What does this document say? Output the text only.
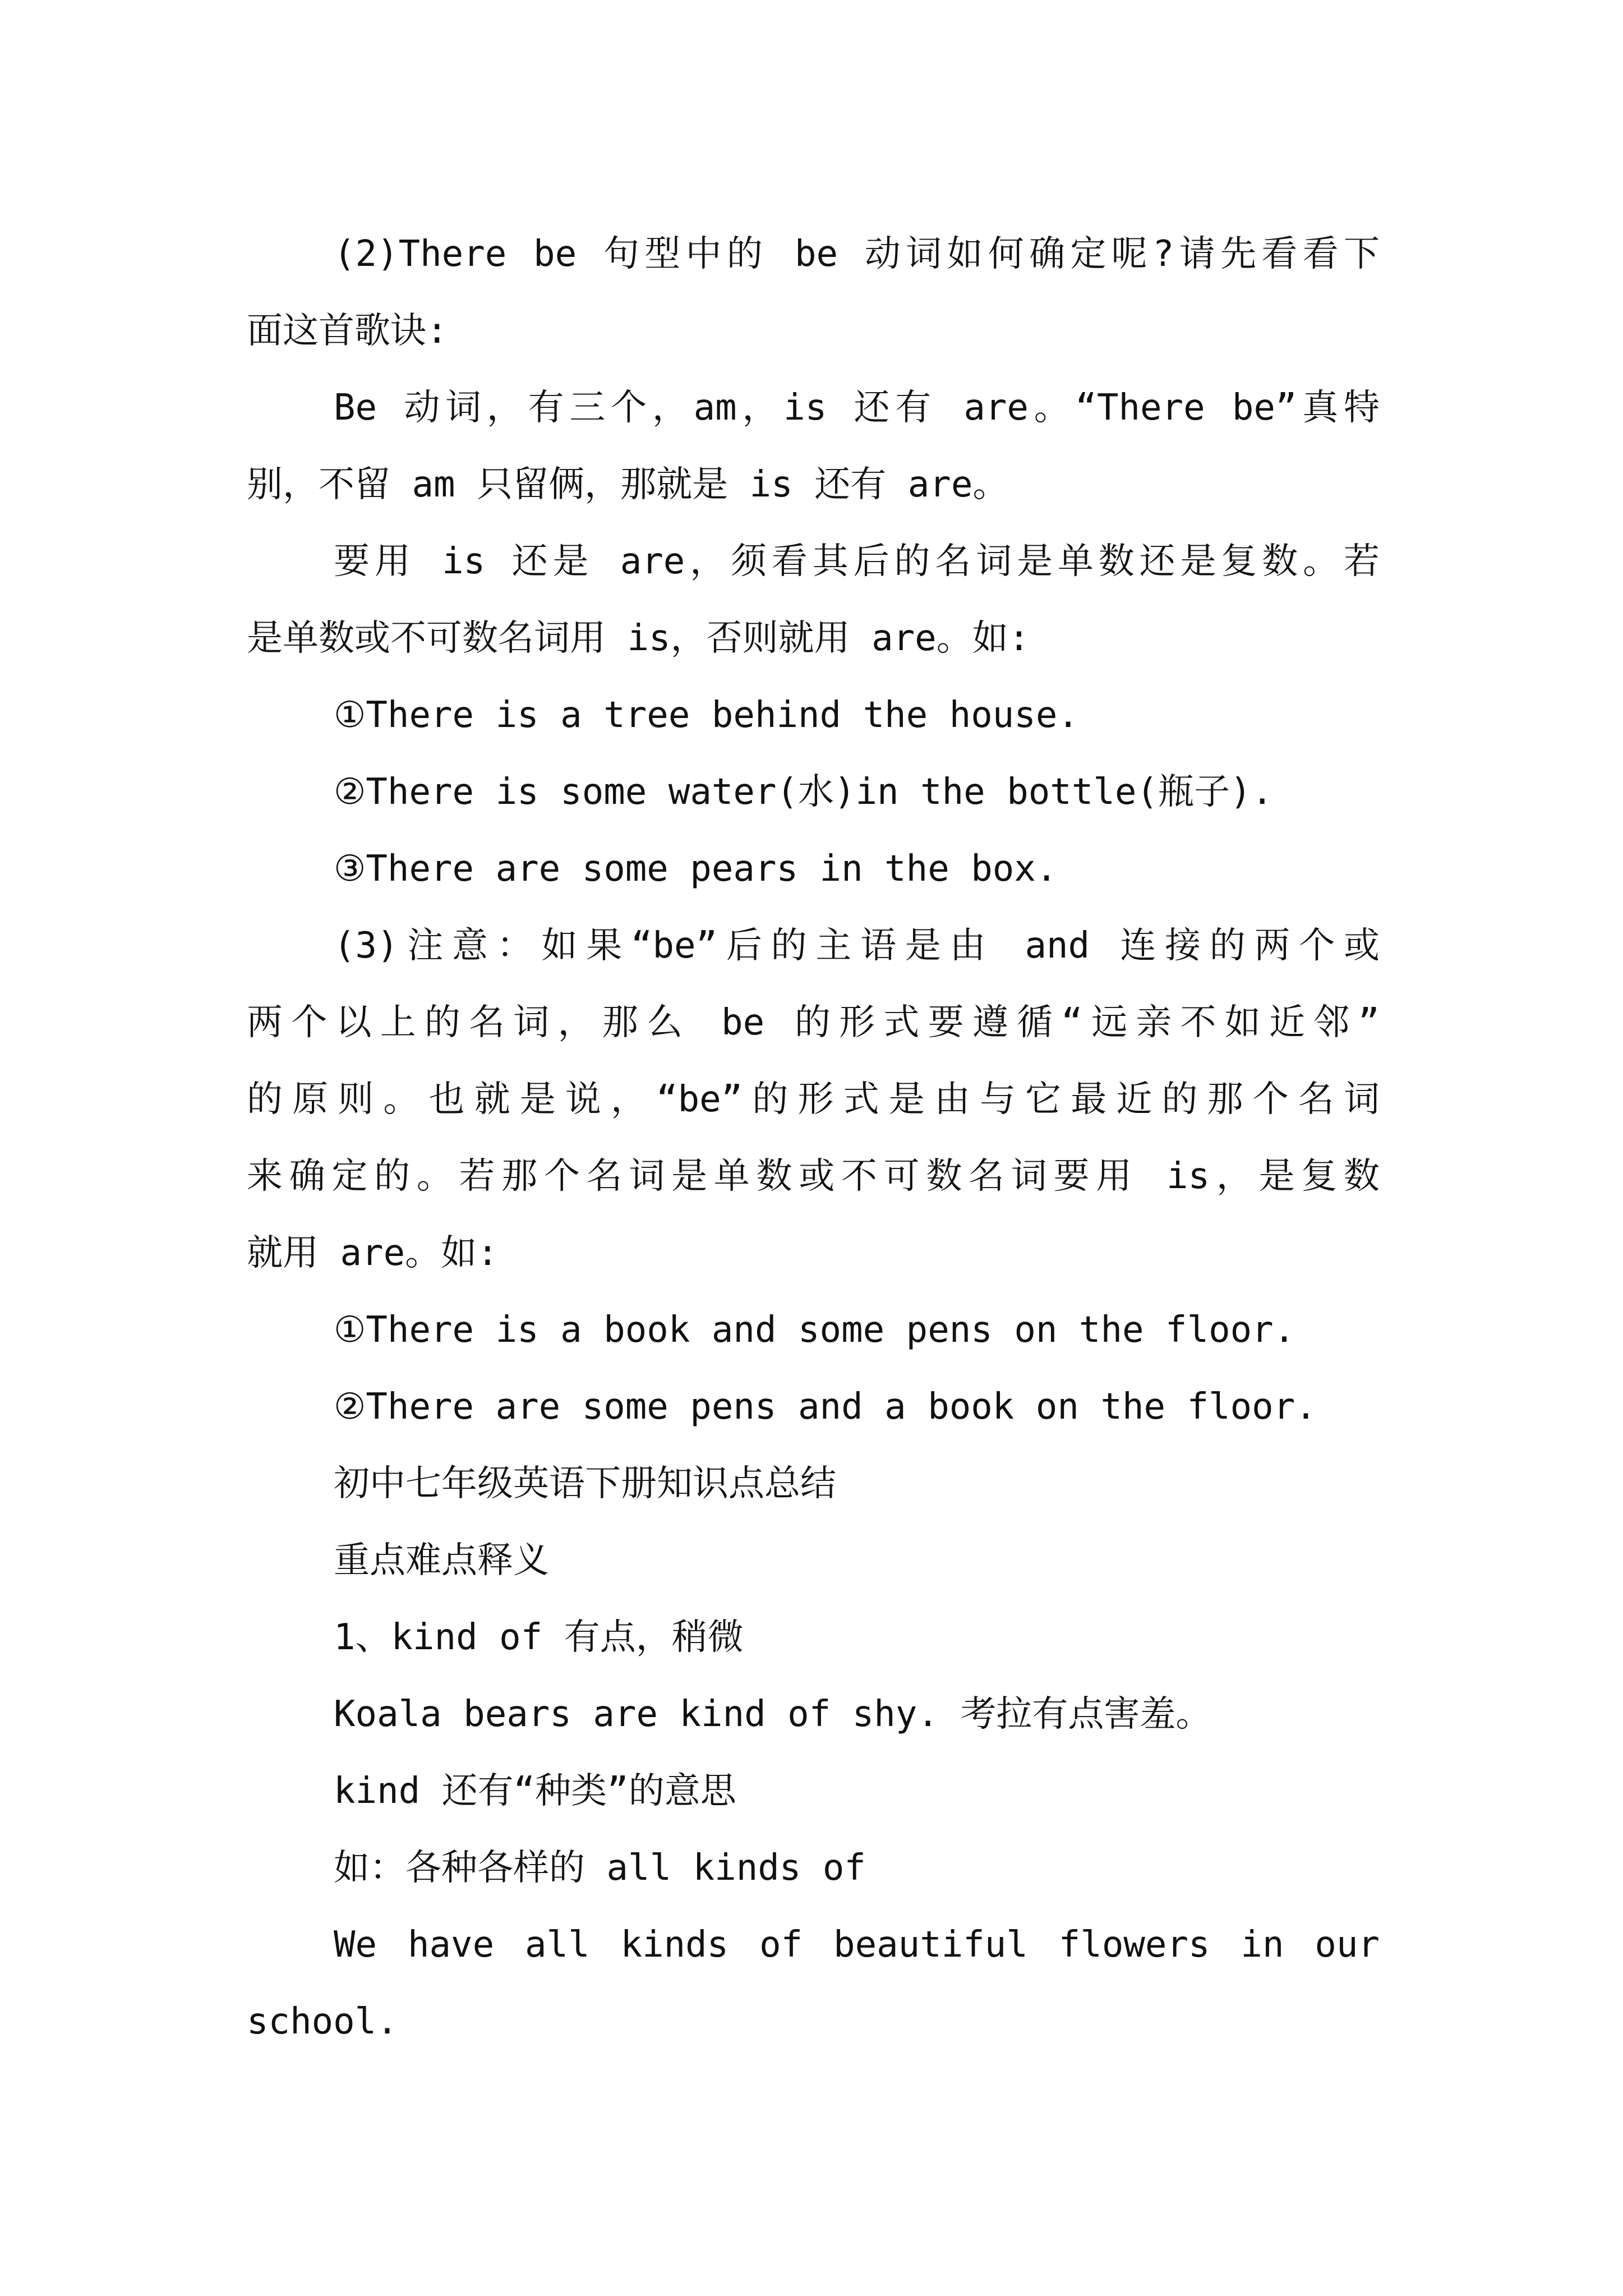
(2)There be 句型中的 be 动词如何确定呢?请先看看下
面这首歌诀:
Be 动词，有三个，am，is 还有 are。“There be”真特
别，不留 am 只留俩，那就是 is 还有 are。
要用 is 还是 are，须看其后的名词是单数还是复数。若
是单数或不可数名词用 is，否则就用 are。如:
①There is a tree behind the house.
②There is some water(水)in the bottle(瓶子).
③There are some pears in the box.
(3)注意：如果“be”后的主语是由 and 连接的两个或
两个以上的名词，那么 be 的形式要遵循“远亲不如近邻”
的原则。也就是说，“be”的形式是由与它最近的那个名词
来确定的。若那个名词是单数或不可数名词要用 is，是复数
就用 are。如:
①There is a book and some pens on the floor.
②There are some pens and a book on the floor.
初中七年级英语下册知识点总结
重点难点释义
1、kind of 有点，稍微
Koala bears are kind of shy. 考拉有点害羞。
kind 还有“种类”的意思
如：各种各样的 all kinds of
We have all kinds of beautiful flowers in our
school.
